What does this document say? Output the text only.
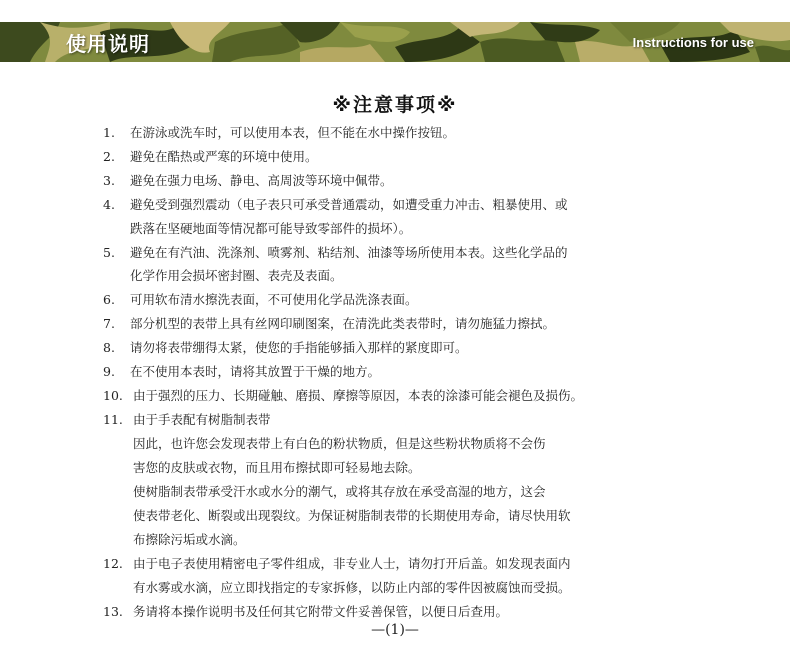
使用说明	Instructions for use
※注意事项※
1. 在游泳或洗车时，可以使用本表，但不能在水中操作按钮。
2. 避免在酷热或严寒的环境中使用。
3. 避免在强力电场、静电、高周波等环境中佩带。
4. 避免受到强烈震动（电子表只可承受普通震动，如遭受重力冲击、粗暴使用、或
跌落在坚硬地面等情况都可能导致零部件的损坏）。
5. 避免在有汽油、洗涤剂、喷雾剂、粘结剂、油漆等场所使用本表。这些化学品的
化学作用会损坏密封圈、表壳及表面。
6. 可用软布清水擦洗表面，不可使用化学品洗涤表面。
7. 部分机型的表带上具有丝网印刷图案，在清洗此类表带时，请勿施猛力擦拭。
8. 请勿将表带绷得太紧，使您的手指能够插入那样的紧度即可。
9. 在不使用本表时，请将其放置于干燥的地方。
10. 由于强烈的压力、长期碰触、磨损、摩擦等原因，本表的涂漆可能会褪色及损伤。
11. 由于手表配有树脂制表带
因此，也许您会发现表带上有白色的粉状物质，但是这些粉状物质将不会伤
害您的皮肤或衣物，而且用布擦拭即可轻易地去除。
使树脂制表带承受汗水或水分的潮气，或将其存放在承受高湿的地方，这会
使表带老化、断裂或出现裂纹。为保证树脂制表带的长期使用寿命，请尽快用软
布擦除污垢或水滴。
12. 由于电子表使用精密电子零件组成，非专业人士，请勿打开后盖。如发现表面内
有水雾或水滴，应立即找指定的专家拆修，以防止内部的零件因被腐蚀而受损。
13. 务请将本操作说明书及任何其它附带文件妥善保管，以便日后查用。
—(1)—
